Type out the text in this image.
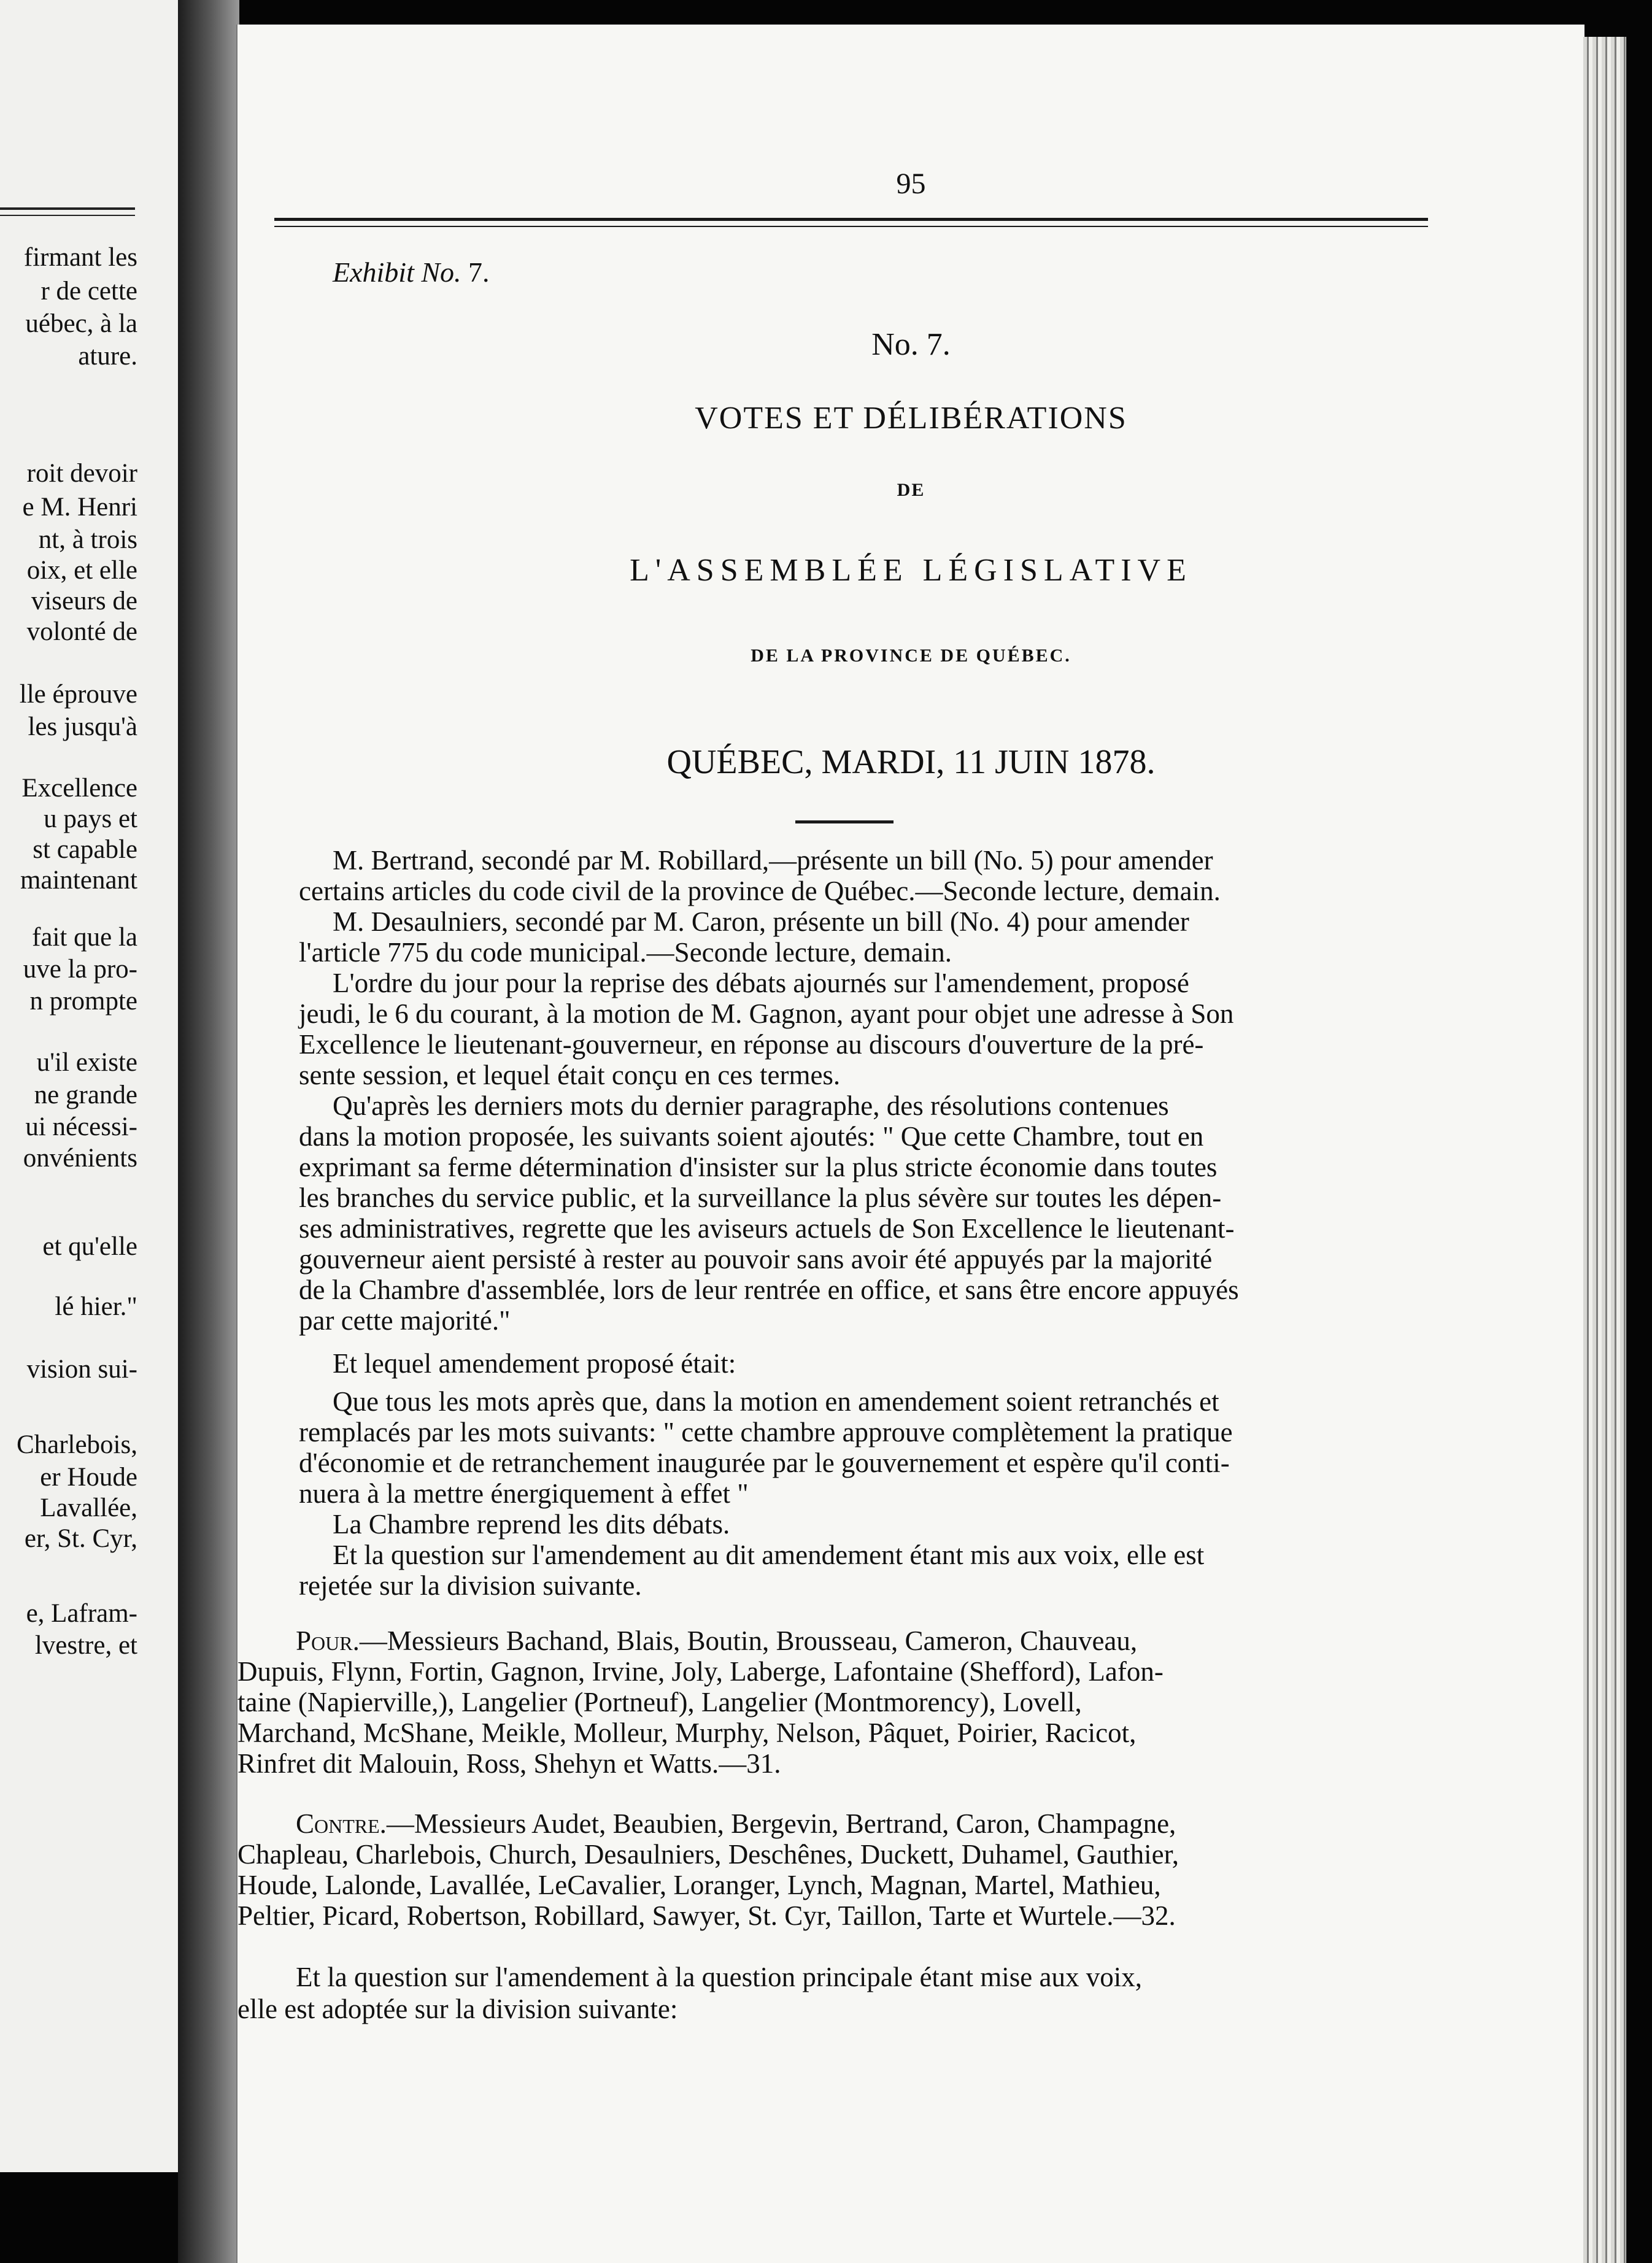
firmant les
r de cette
uébec, à la
ature.
roit devoir
e M. Henri
nt, à trois
oix, et elle
viseurs de
volonté de
lle éprouve
les jusqu'à
Excellence
u pays et
st capable
maintenant
fait que la
uve la pro-
n prompte
u'il existe
ne grande
ui nécessi-
onvénients
et qu'elle
lé hier."
vision sui-
Charlebois,
er Houde
Lavallée,
er, St. Cyr,
e, Lafram-
lvestre, et
95
Exhibit No. 7.
No. 7.
VOTES ET DÉLIBÉRATIONS
DE
L'ASSEMBLÉE LÉGISLATIVE
DE LA PROVINCE DE QUÉBEC.
QUÉBEC, MARDI, 11 JUIN 1878.
M. Bertrand, secondé par M. Robillard,—présente un bill (No. 5) pour amender
certains articles du code civil de la province de Québec.—Seconde lecture, demain.
M. Desaulniers, secondé par M. Caron, présente un bill (No. 4) pour amender
l'article 775 du code municipal.—Seconde lecture, demain.
L'ordre du jour pour la reprise des débats ajournés sur l'amendement, proposé
jeudi, le 6 du courant, à la motion de M. Gagnon, ayant pour objet une adresse à Son
Excellence le lieutenant-gouverneur, en réponse au discours d'ouverture de la pré-
sente session, et lequel était conçu en ces termes.
Qu'après les derniers mots du dernier paragraphe, des résolutions contenues
dans la motion proposée, les suivants soient ajoutés: " Que cette Chambre, tout en
exprimant sa ferme détermination d'insister sur la plus stricte économie dans toutes
les branches du service public, et la surveillance la plus sévère sur toutes les dépen-
ses administratives, regrette que les aviseurs actuels de Son Excellence le lieutenant-
gouverneur aient persisté à rester au pouvoir sans avoir été appuyés par la majorité
de la Chambre d'assemblée, lors de leur rentrée en office, et sans être encore appuyés
par cette majorité."
Et lequel amendement proposé était:
Que tous les mots après que, dans la motion en amendement soient retranchés et
remplacés par les mots suivants: " cette chambre approuve complètement la pratique
d'économie et de retranchement inaugurée par le gouvernement et espère qu'il conti-
nuera à la mettre énergiquement à effet "
La Chambre reprend les dits débats.
Et la question sur l'amendement au dit amendement étant mis aux voix, elle est
rejetée sur la division suivante.
Pour.—Messieurs Bachand, Blais, Boutin, Brousseau, Cameron, Chauveau,
Dupuis, Flynn, Fortin, Gagnon, Irvine, Joly, Laberge, Lafontaine (Shefford), Lafon-
taine (Napierville,), Langelier (Portneuf), Langelier (Montmorency), Lovell,
Marchand, McShane, Meikle, Molleur, Murphy, Nelson, Pâquet, Poirier, Racicot,
Rinfret dit Malouin, Ross, Shehyn et Watts.—31.
Contre.—Messieurs Audet, Beaubien, Bergevin, Bertrand, Caron, Champagne,
Chapleau, Charlebois, Church, Desaulniers, Deschênes, Duckett, Duhamel, Gauthier,
Houde, Lalonde, Lavallée, LeCavalier, Loranger, Lynch, Magnan, Martel, Mathieu,
Peltier, Picard, Robertson, Robillard, Sawyer, St. Cyr, Taillon, Tarte et Wurtele.—32.
Et la question sur l'amendement à la question principale étant mise aux voix,
elle est adoptée sur la division suivante:
